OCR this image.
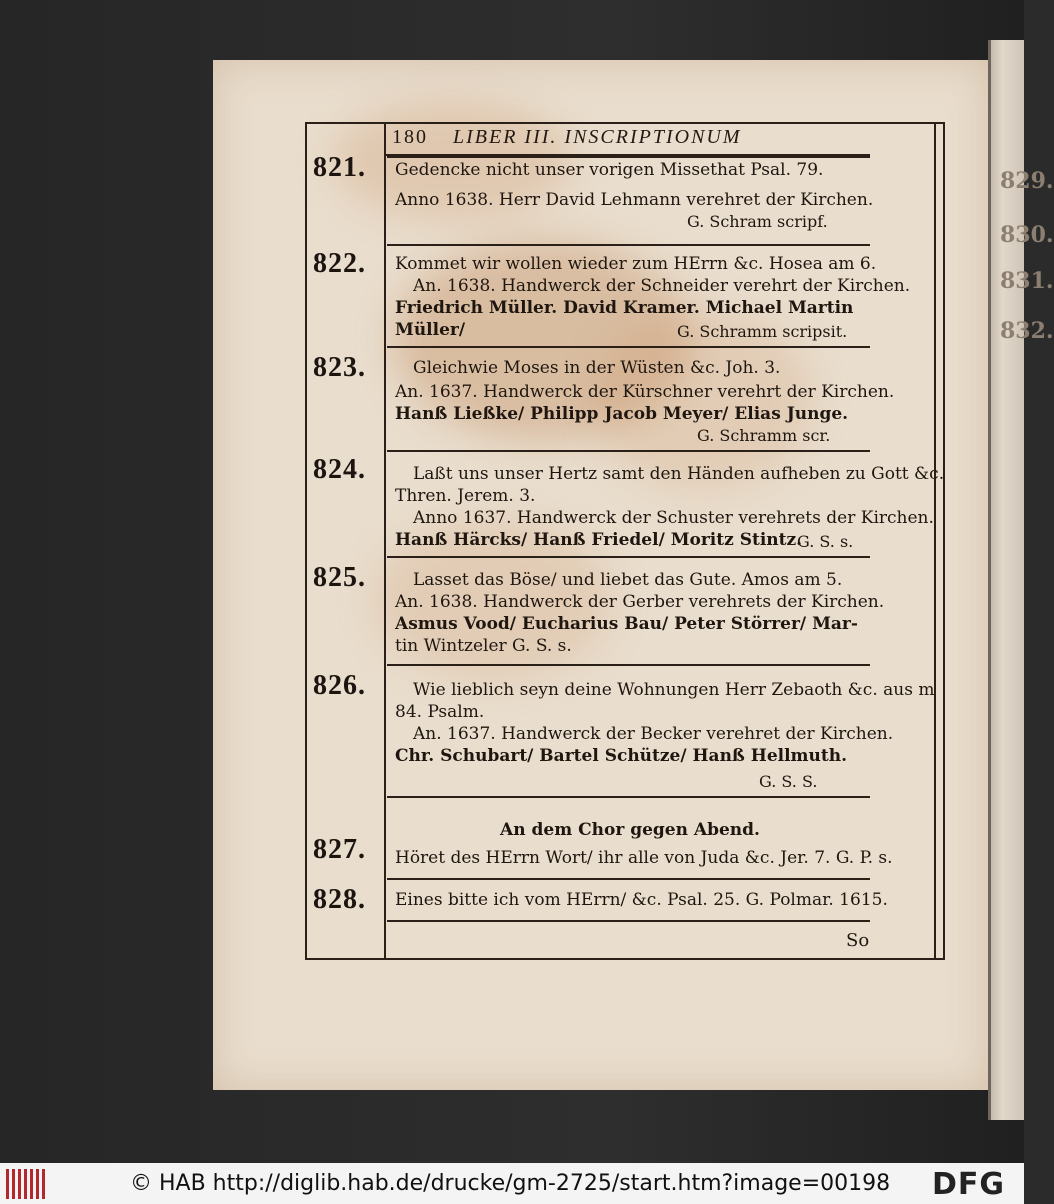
829.
830.
831.
832.
180 LIBER III. INSCRIPTIONUM
821. Gedencke nicht unser vorigen Missethat Psal. 79.
Anno 1638. Herr David Lehmann verehret der Kirchen.
G. Schram scripf.
822. Kommet wir wollen wieder zum HErrn &c. Hosea am 6.
An. 1638. Handwerck der Schneider verehrt der Kirchen.
Friedrich Müller. David Kramer. Michael Martin
Müller/	G. Schramm scripsit.
823.	Gleichwie Moses in der Wüsten &c. Joh. 3.
An. 1637. Handwerck der Kürschner verehrt der Kirchen.
Hanß Ließke/ Philipp Jacob Meyer/ Elias Junge.
G. Schramm scr.
824.	Laßt uns unser Hertz samt den Händen aufheben zu Gott &c.
Thren. Jerem. 3.
Anno 1637. Handwerck der Schuster verehrets der Kirchen.
Hanß Härcks/ Hanß Friedel/ Moritz Stintz.
G. S. s.
825.	Lasset das Böse/ und liebet das Gute. Amos am 5.
An. 1638. Handwerck der Gerber verehrets der Kirchen.
Asmus Vood/ Eucharius Bau/ Peter Störrer/ Mar-
tin Wintzeler G. S. s.
826.	Wie lieblich seyn deine Wohnungen Herr Zebaoth &c. aus m
84. Psalm.
An. 1637. Handwerck der Becker verehret der Kirchen.
Chr. Schubart/ Bartel Schütze/ Hanß Hellmuth.
G. S. S.
827.
An dem Chor gegen Abend.
Höret des HErrn Wort/ ihr alle von Juda &c. Jer. 7. G. P. s.
828. Eines bitte ich vom HErrn/ &c. Psal. 25. G. Polmar. 1615.
So
© HAB http://diglib.hab.de/drucke/gm-2725/start.htm?image=00198 DFG
